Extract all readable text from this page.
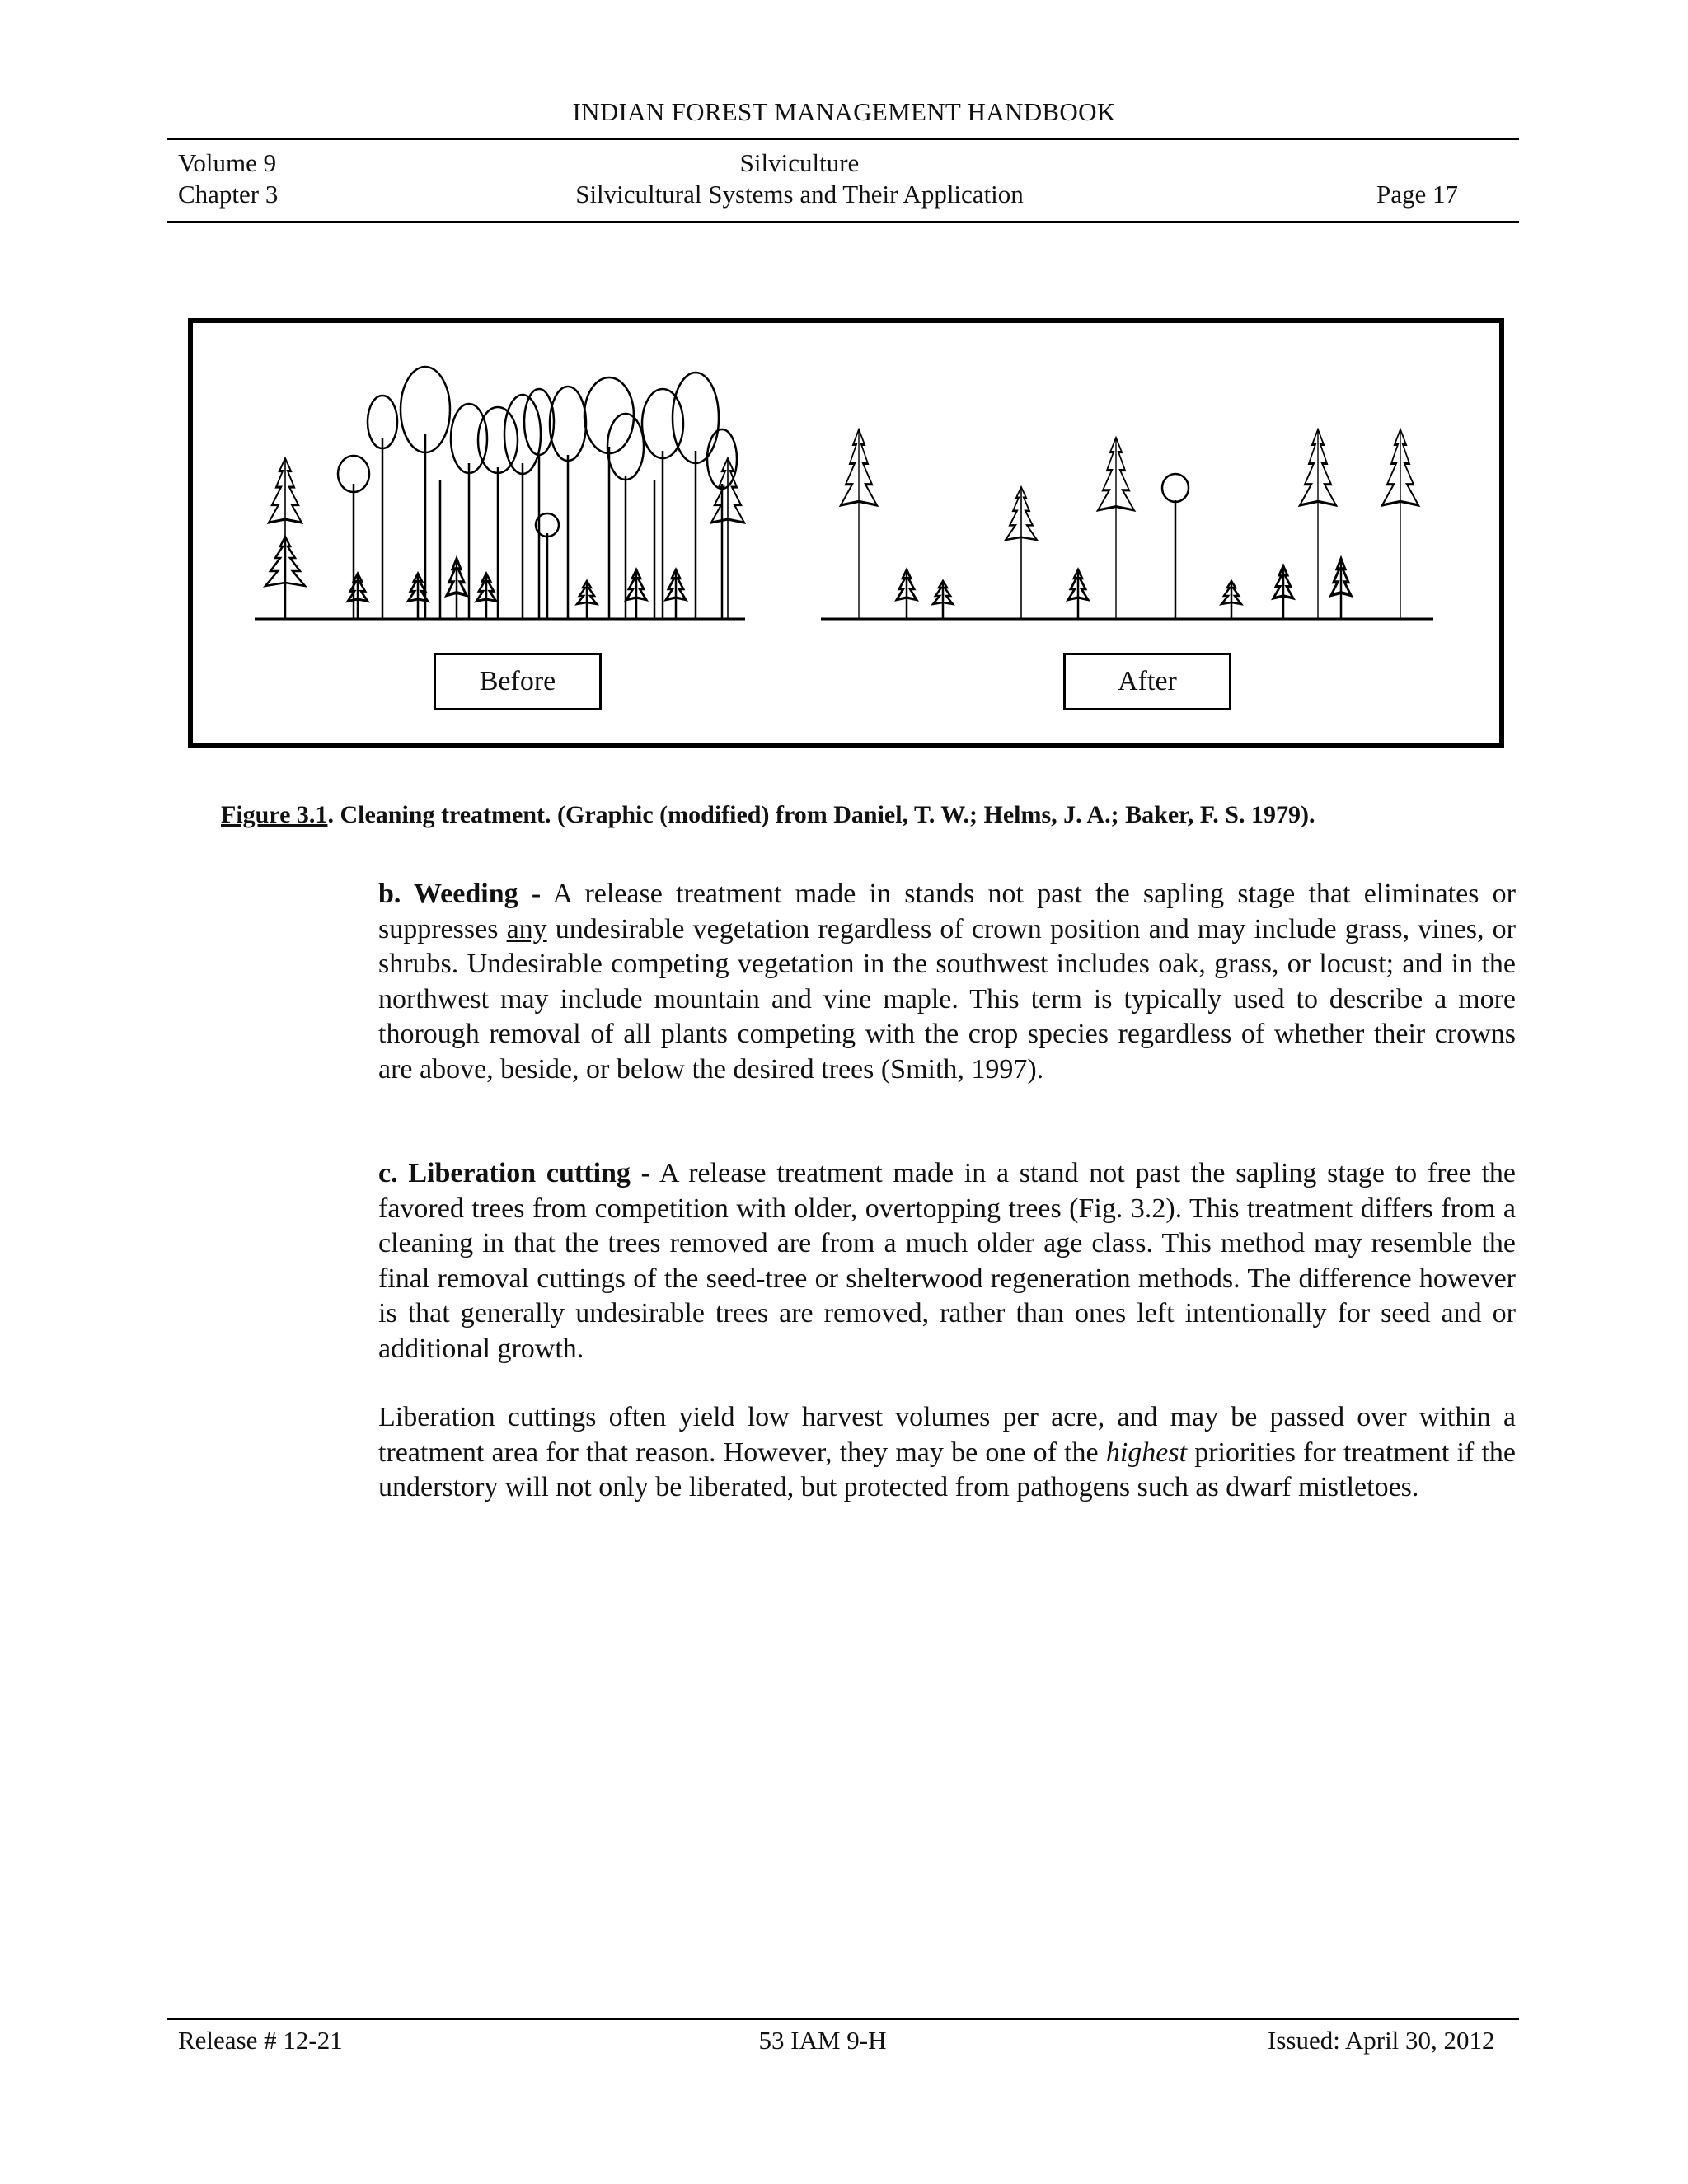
INDIAN FOREST MANAGEMENT HANDBOOK
Volume 9
Chapter 3
Silviculture
Silvicultural Systems and Their Application	Page 17
Before	After
Figure 3.1. Cleaning treatment. (Graphic (modified) from Daniel, T. W.; Helms, J. A.; Baker, F. S. 1979).
b. Weeding - A release treatment made in stands not past the sapling stage that eliminates or suppresses any undesirable vegetation regardless of crown position and may include grass, vines, or shrubs. Undesirable competing vegetation in the southwest includes oak, grass, or locust; and in the northwest may include mountain and vine maple. This term is typically used to describe a more thorough removal of all plants competing with the crop species regardless of whether their crowns are above, beside, or below the desired trees (Smith, 1997).
c. Liberation cutting - A release treatment made in a stand not past the sapling stage to free the favored trees from competition with older, overtopping trees (Fig. 3.2). This treatment differs from a cleaning in that the trees removed are from a much older age class. This method may resemble the final removal cuttings of the seed-tree or shelterwood regeneration methods. The difference however is that generally undesirable trees are removed, rather than ones left intentionally for seed and or additional growth.
Liberation cuttings often yield low harvest volumes per acre, and may be passed over within a treatment area for that reason. However, they may be one of the highest priorities for treatment if the understory will not only be liberated, but protected from pathogens such as dwarf mistletoes.
Release # 12-21	53 IAM 9-H	Issued: April 30, 2012
